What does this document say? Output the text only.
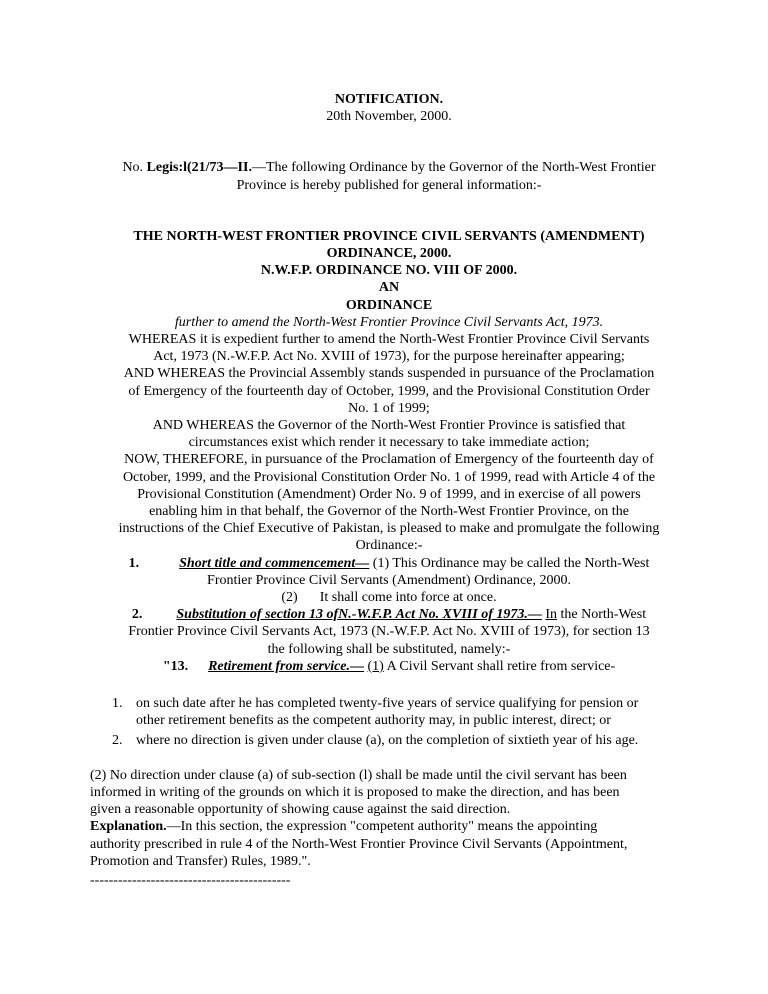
NOTIFICATION.
20th November, 2000.
No. Legis:l(21/73—II.—The following Ordinance by the Governor of the North-West Frontier
Province is hereby published for general information:-
THE NORTH-WEST FRONTIER PROVINCE CIVIL SERVANTS (AMENDMENT)
ORDINANCE, 2000.
N.W.F.P. ORDINANCE NO. VIII OF 2000.
AN
ORDINANCE
further to amend the North-West Frontier Province Civil Servants Act, 1973.
WHEREAS it is expedient further to amend the North-West Frontier Province Civil Servants
Act, 1973 (N.-W.F.P. Act No. XVIII of 1973), for the purpose hereinafter appearing;
AND WHEREAS the Provincial Assembly stands suspended in pursuance of the Proclamation
of Emergency of the fourteenth day of October, 1999, and the Provisional Constitution Order
No. 1 of 1999;
AND WHEREAS the Governor of the North-West Frontier Province is satisfied that
circumstances exist which render it necessary to take immediate action;
NOW, THEREFORE, in pursuance of the Proclamation of Emergency of the fourteenth day of
October, 1999, and the Provisional Constitution Order No. 1 of 1999, read with Article 4 of the
Provisional Constitution (Amendment) Order No. 9 of 1999, and in exercise of all powers
enabling him in that behalf, the Governor of the North-West Frontier Province, on the
instructions of the Chief Executive of Pakistan, is pleased to make and promulgate the following
Ordinance:-
1.	Short title and commencement— (1) This Ordinance may be called the North-West
Frontier Province Civil Servants (Amendment) Ordinance, 2000.
(2) It shall come into force at once.
2. Substitution of section 13 ofN.-W.F.P. Act No. XVIII of 1973.— In the North-West
Frontier Province Civil Servants Act, 1973 (N.-W.F.P. Act No. XVIII of 1973), for section 13
the following shall be substituted, namely:-
"13. Retirement from service.— (1) A Civil Servant shall retire from service-
1. on such date after he has completed twenty-five years of service qualifying for pension or
other retirement benefits as the competent authority may, in public interest, direct; or
2. where no direction is given under clause (a), on the completion of sixtieth year of his age.
(2) No direction under clause (a) of sub-section (l) shall be made until the civil servant has been
informed in writing of the grounds on which it is proposed to make the direction, and has been
given a reasonable opportunity of showing cause against the said direction.
Explanation.—In this section, the expression "competent authority" means the appointing
authority prescribed in rule 4 of the North-West Frontier Province Civil Servants (Appointment,
Promotion and Transfer) Rules, 1989.".
-------------------------------------------
